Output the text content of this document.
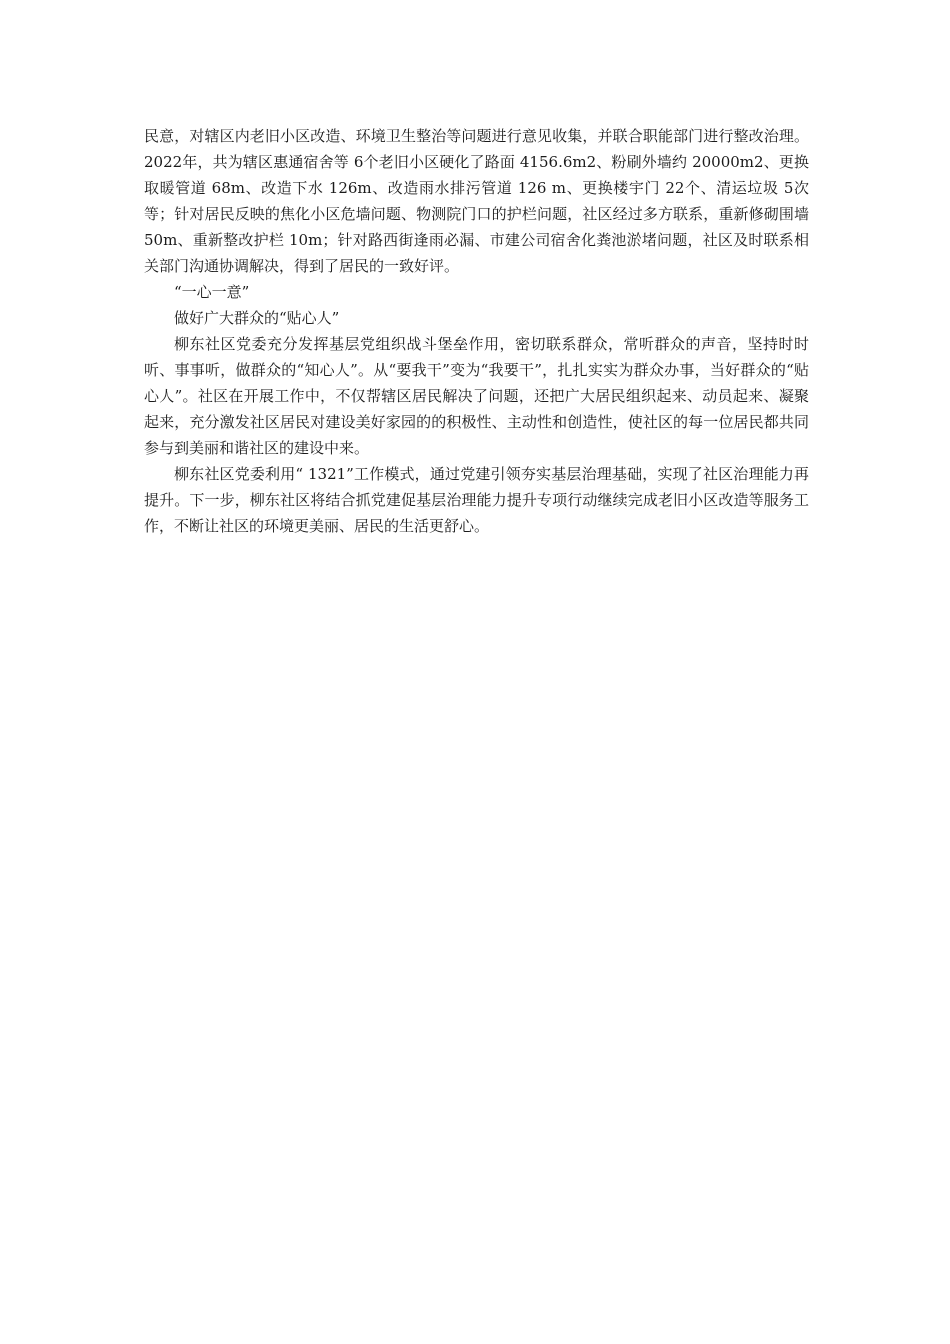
民意，对辖区内老旧小区改造、环境卫生整治等问题进行意见收集，并联合职能部门进行整改治理。 2022年，共为辖区惠通宿舍等 6个老旧小区硬化了路面 4156.6m2、粉刷外墙约 20000m2、更换取暖管道 68m、改造下水 126m、改造雨水排污管道 126 m、更换楼宇门 22个、清运垃圾 5次等；针对居民反映的焦化小区危墙问题、物测院门口的护栏问题，社区经过多方联系，重新修砌围墙 50m、重新整改护栏 10m；针对路西街逢雨必漏、市建公司宿舍化粪池淤堵问题，社区及时联系相关部门沟通协调解决，得到了居民的一致好评。

“一心一意”

做好广大群众的“贴心人”

柳东社区党委充分发挥基层党组织战斗堡垒作用，密切联系群众，常听群众的声音，坚持时时听、事事听，做群众的“知心人”。从“要我干”变为“我要干”，扎扎实实为群众办事，当好群众的“贴心人”。社区在开展工作中，不仅帮辖区居民解决了问题，还把广大居民组织起来、动员起来、凝聚起来，充分激发社区居民对建设美好家园的的积极性、主动性和创造性，使社区的每一位居民都共同参与到美丽和谐社区的建设中来。

柳东社区党委利用“ 1321”工作模式，通过党建引领夯实基层治理基础，实现了社区治理能力再提升。下一步，柳东社区将结合抓党建促基层治理能力提升专项行动继续完成老旧小区改造等服务工作，不断让社区的环境更美丽、居民的生活更舒心。
